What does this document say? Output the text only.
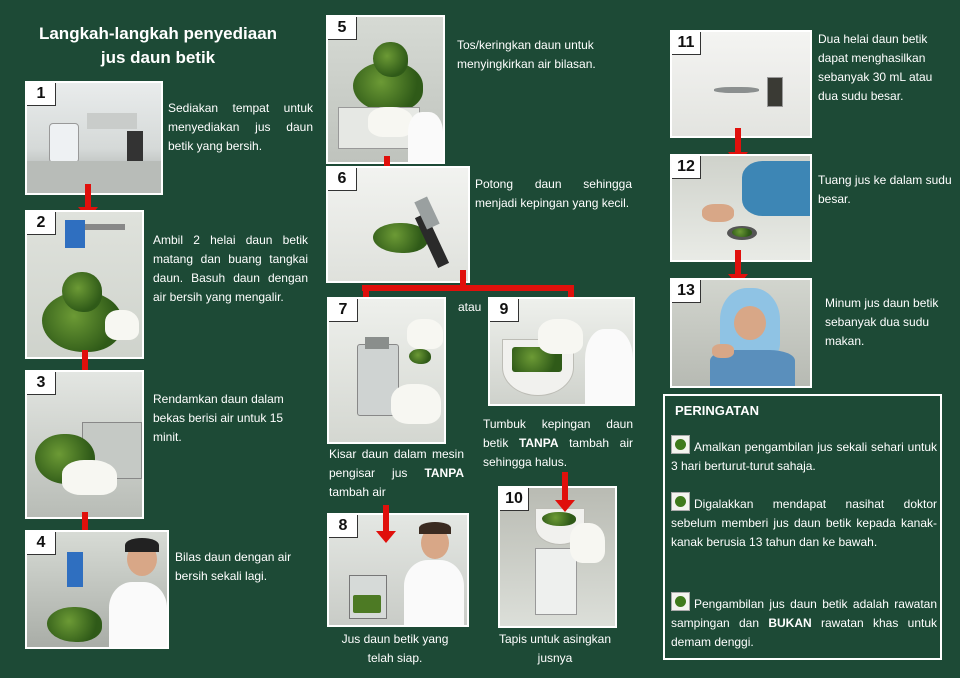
Langkah-langkah penyediaan
jus daun betik
1
Sediakan tempat untuk menyediakan jus daun betik yang bersih.
2
Ambil 2 helai daun betik matang dan buang tangkai daun. Basuh daun dengan air bersih yang mengalir.
3
Rendamkan daun dalam bekas berisi air untuk 15 minit.
4
Bilas daun dengan air bersih sekali lagi.
5
Tos/keringkan daun untuk menyingkirkan air bilasan.
6	Potong daun sehingga menjadi kepingan yang kecil.
atau
7
Kisar daun dalam mesin pengisar jus TANPA tambah air
8
Jus daun betik yang telah siap.
9
Tumbuk kepingan daun betik TANPA tambah air sehingga halus.
10
Tapis untuk asingkan jusnya
11	Dua helai daun betik dapat menghasilkan sebanyak 30 mL atau dua sudu besar.
12
Tuang jus ke dalam sudu besar.
13
Minum jus daun betik sebanyak dua sudu makan.
PERINGATAN
Amalkan pengambilan jus sekali sehari untuk 3 hari berturut-turut sahaja.
Digalakkan mendapat nasihat doktor sebelum memberi jus daun betik kepada kanak-kanak berusia 13 tahun dan ke bawah.
Pengambilan jus daun betik adalah rawatan sampingan dan BUKAN rawatan khas untuk demam denggi.
